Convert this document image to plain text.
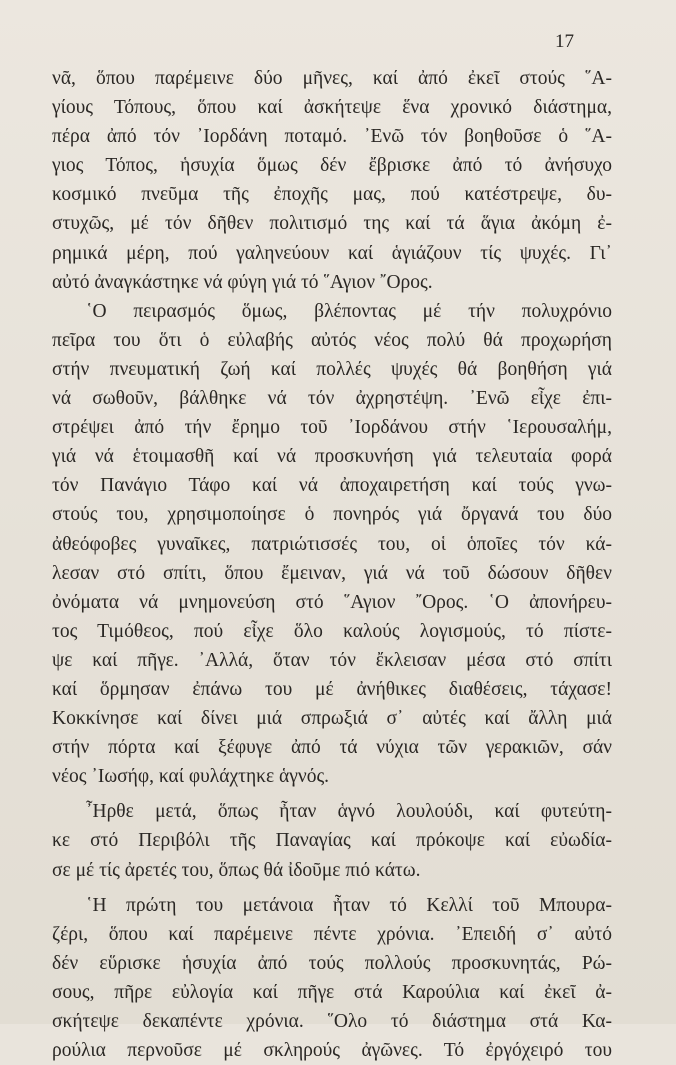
17
νᾶ, ὅπου παρέμεινε δύο μῆνες, καί ἀπό ἐκεῖ στούς ῞Α-
γίους Τόπους, ὅπου καί ἀσκήτεψε ἕνα χρονικό διάστημα,
πέρα ἀπό τόν ᾿Ιορδάνη ποταμό. ᾿Ενῶ τόν βοηθοῦσε ὁ ῞Α-
γιος Τόπος, ἡσυχία ὅμως δέν ἔβρισκε ἀπό τό ἀνήσυχο
κοσμικό πνεῦμα τῆς ἐποχῆς μας, πού κατέστρεψε, δυ-
στυχῶς, μέ τόν δῆθεν πολιτισμό της καί τά ἅγια ἀκόμη ἐ-
ρημικά μέρη, πού γαληνεύουν καί ἁγιάζουν τίς ψυχές. Γι᾿
αὐτό ἀναγκάστηκε νά φύγη γιά τό ῞Αγιον ῎Ορος.
῾Ο πειρασμός ὅμως, βλέποντας μέ τήν πολυχρόνιο
πεῖρα του ὅτι ὁ εὐλαβής αὐτός νέος πολύ θά προχωρήση
στήν πνευματική ζωή καί πολλές ψυχές θά βοηθήση γιά
νά σωθοῦν, βάλθηκε νά τόν ἀχρηστέψη. ᾿Ενῶ εἶχε ἐπι-
στρέψει ἀπό τήν ἔρημο τοῦ ᾿Ιορδάνου στήν ῾Ιερουσαλήμ,
γιά νά ἑτοιμασθῆ καί νά προσκυνήση γιά τελευταία φορά
τόν Πανάγιο Τάφο καί νά ἀποχαιρετήση καί τούς γνω-
στούς του, χρησιμοποίησε ὁ πονηρός γιά ὄργανά του δύο
ἀθεόφοβες γυναῖκες, πατριώτισσές του, οἱ ὁποῖες τόν κά-
λεσαν στό σπίτι, ὅπου ἔμειναν, γιά νά τοῦ δώσουν δῆθεν
ὀνόματα νά μνημονεύση στό ῞Αγιον ῎Ορος. ῾Ο ἀπονήρευ-
τος Τιμόθεος, πού εἶχε ὅλο καλούς λογισμούς, τό πίστε-
ψε καί πῆγε. ᾿Αλλά, ὅταν τόν ἔκλεισαν μέσα στό σπίτι
καί ὅρμησαν ἐπάνω του μέ ἀνήθικες διαθέσεις, τάχασε!
Κοκκίνησε καί δίνει μιά σπρωξιά σ᾿ αὐτές καί ἄλλη μιά
στήν πόρτα καί ξέφυγε ἀπό τά νύχια τῶν γερακιῶν, σάν
νέος ᾿Ιωσήφ, καί φυλάχτηκε ἁγνός.
῏Ηρθε μετά, ὅπως ἦταν ἁγνό λουλούδι, καί φυτεύτη-
κε στό Περιβόλι τῆς Παναγίας καί πρόκοψε καί εὐωδία-
σε μέ τίς ἀρετές του, ὅπως θά ἰδοῦμε πιό κάτω.
῾Η πρώτη του μετάνοια ἦταν τό Κελλί τοῦ Μπουρα-
ζέρι, ὅπου καί παρέμεινε πέντε χρόνια. ᾿Επειδή σ᾿ αὐτό
δέν εὕρισκε ἡσυχία ἀπό τούς πολλούς προσκυνητάς, Ρώ-
σους, πῆρε εὐλογία καί πῆγε στά Καρούλια καί ἐκεῖ ἀ-
σκήτεψε δεκαπέντε χρόνια. ῞Ολο τό διάστημα στά Κα-
ρούλια περνοῦσε μέ σκληρούς ἀγῶνες. Τό ἐργόχειρό του
